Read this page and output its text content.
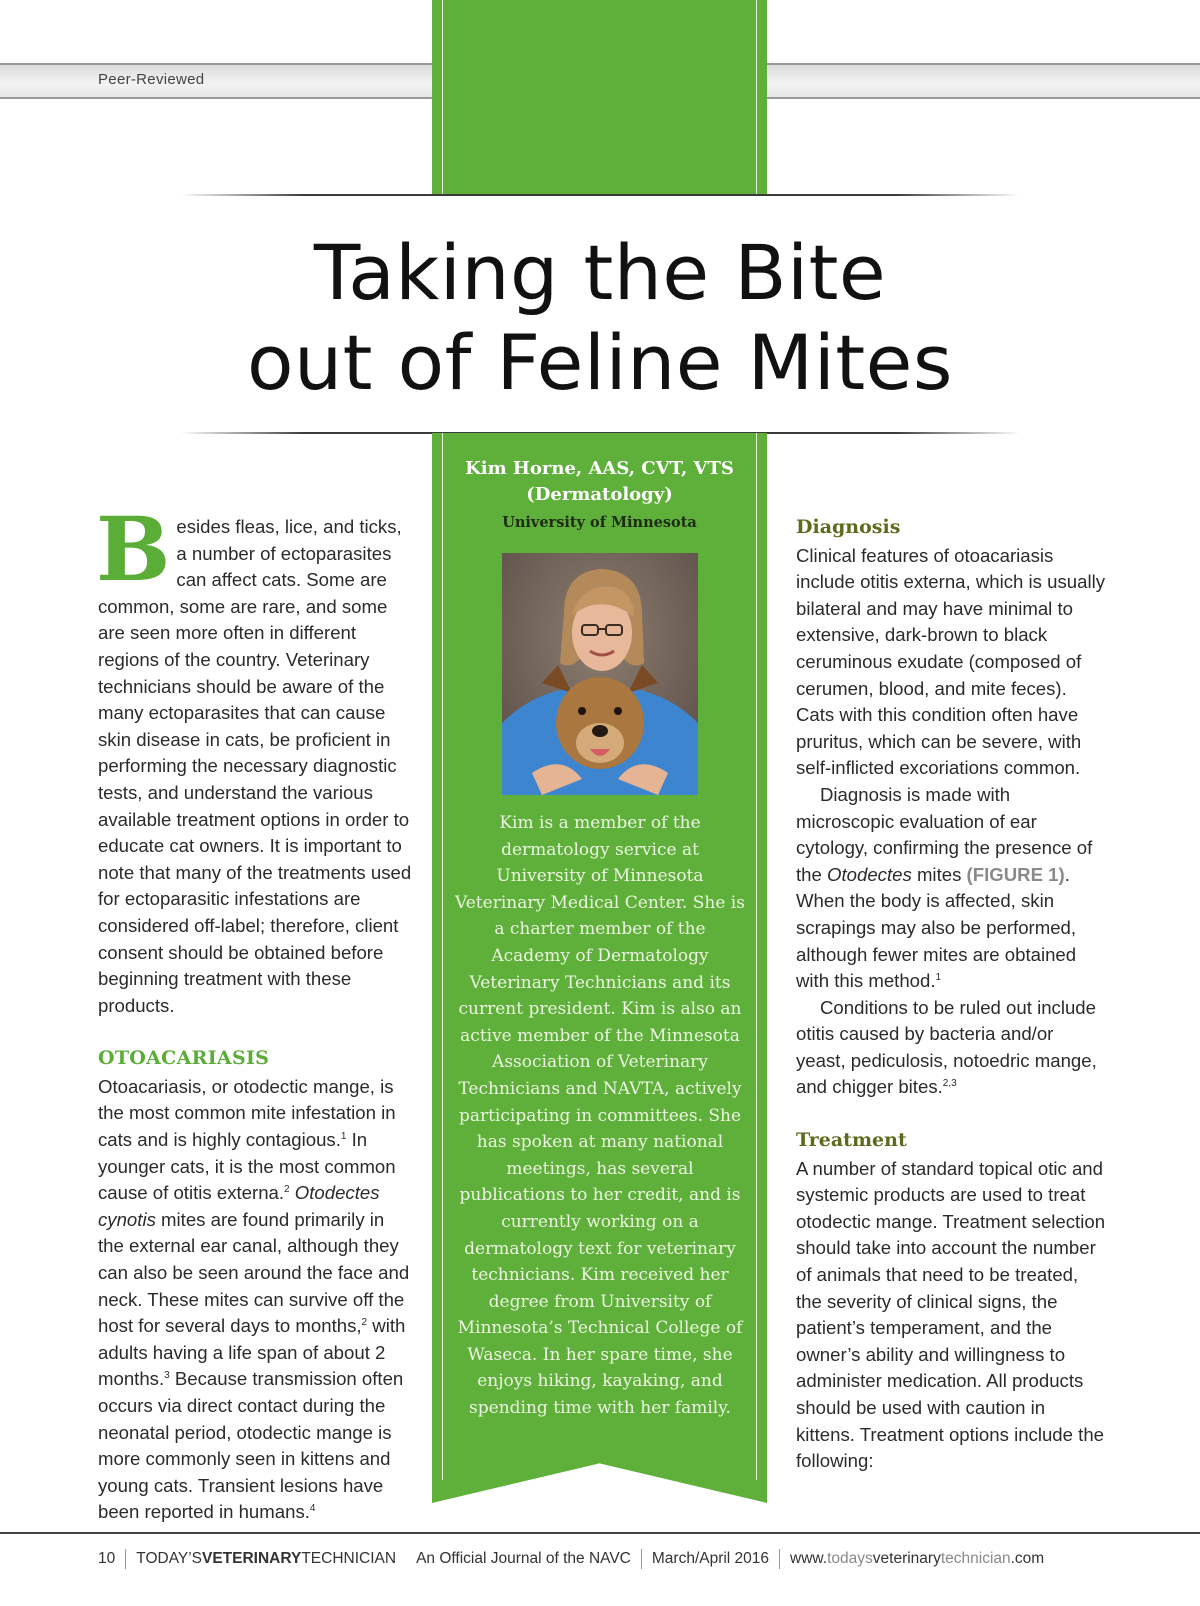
Peer-Reviewed
Taking the Bite
out of Feline Mites
Kim Horne, AAS, CVT, VTS
(Dermatology)
University of Minnesota

Kim is a member of the dermatology service at University of Minnesota Veterinary Medical Center. She is a charter member of the Academy of Dermatology Veterinary Technicians and its current president. Kim is also an active member of the Minnesota Association of Veterinary Technicians and NAVTA, actively participating in committees. She has spoken at many national meetings, has several publications to her credit, and is currently working on a dermatology text for veterinary technicians. Kim received her degree from University of Minnesota’s Technical College of Waseca. In her spare time, she enjoys hiking, kayaking, and spending time with her family.

Besides fleas, lice, and ticks, a number of ectoparasites can affect cats. Some are common, some are rare, and some are seen more often in different regions of the country. Veterinary technicians should be aware of the many ectoparasites that can cause skin disease in cats, be proficient in performing the necessary diagnostic tests, and understand the various available treatment options in order to educate cat owners. It is important to note that many of the treatments used for ectoparasitic infestations are considered off-label; therefore, client consent should be obtained before beginning treatment with these products.

OTOACARIASIS

Otoacariasis, or otodectic mange, is the most common mite infestation in cats and is highly contagious.$^1$ In younger cats, it is the most common cause of otitis externa.$^2$ Otodectes cynotis mites are found primarily in the external ear canal, although they can also be seen around the face and neck. These mites can survive off the host for several days to months,$^2$ with adults having a life span of about 2 months.$^3$ Because transmission often occurs via direct contact during the neonatal period, otodectic mange is more commonly seen in kittens and young cats. Transient lesions have been reported in humans.$^4$

Diagnosis

Clinical features of otoacariasis include otitis externa, which is usually bilateral and may have minimal to extensive, dark-brown to black ceruminous exudate (composed of cerumen, blood, and mite feces). Cats with this condition often have pruritus, which can be severe, with self-inflicted excoriations common.

Diagnosis is made with microscopic evaluation of ear cytology, confirming the presence of the Otodectes mites (FIGURE 1). When the body is affected, skin scrapings may also be performed, although fewer mites are obtained with this method.$^1$

Conditions to be ruled out include otitis caused by bacteria and/or yeast, pediculosis, notoedric mange, and chigger bites.$^{2,3}$

Treatment

A number of standard topical otic and systemic products are used to treat otodectic mange. Treatment selection should take into account the number of animals that need to be treated, the severity of clinical signs, the patient’s temperament, and the owner’s ability and willingness to administer medication. All products should be used with caution in kittens. Treatment options include the following:

10 TODAY’SVETERINARYTECHNICIAN An Official Journal of the NAVC March/April 2016 www.todaysveterinarytechnician.com
